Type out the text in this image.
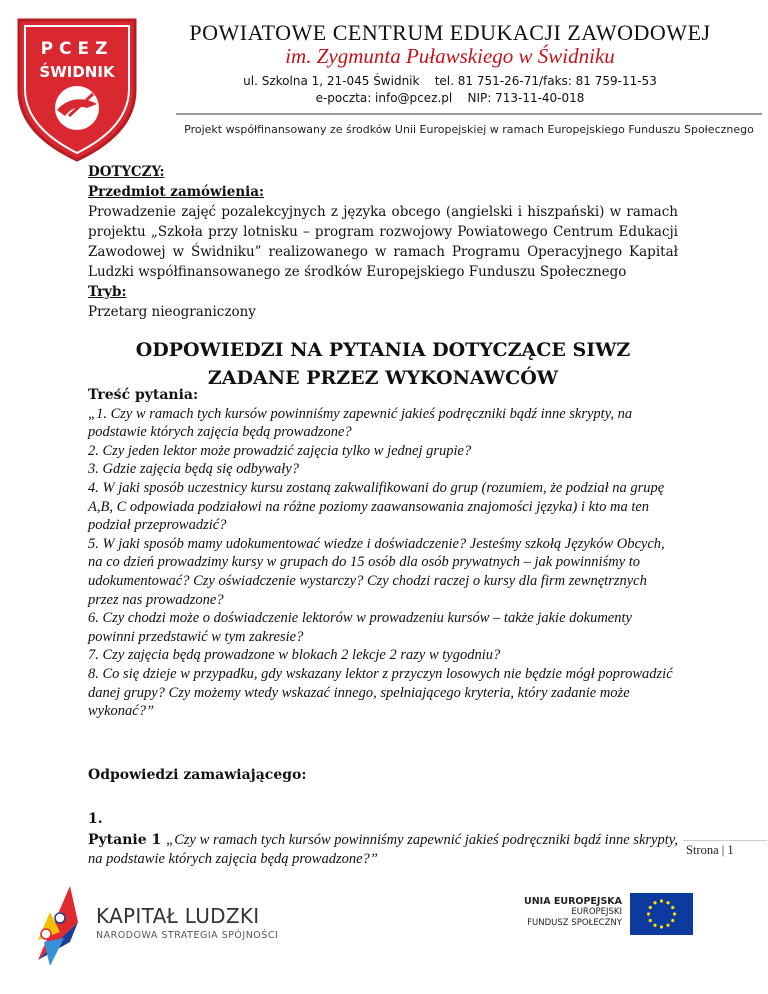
PCEZ
ŚWIDNIK
POWIATOWE CENTRUM EDUKACJI ZAWODOWEJ
im. Zygmunta Puławskiego w Świdniku
ul. Szkolna 1, 21-045 Świdnik    tel. 81 751-26-71/faks: 81 759-11-53
e-poczta: info@pcez.pl    NIP: 713-11-40-018
Projekt współfinansowany ze środków Unii Europejskiej w ramach Europejskiego Funduszu Społecznego
DOTYCZY:
Przedmiot zamówienia:
Prowadzenie zajęć pozalekcyjnych z języka obcego (angielski i hiszpański) w ramach projektu „Szkoła przy lotnisku – program rozwojowy Powiatowego Centrum Edukacji Zawodowej w Świdniku” realizowanego w ramach Programu Operacyjnego Kapitał Ludzki współfinansowanego ze środków Europejskiego Funduszu Społecznego
Tryb:
Przetarg nieograniczony
ODPOWIEDZI NA PYTANIA DOTYCZĄCE SIWZ
ZADANE PRZEZ WYKONAWCÓW
Treść pytania:
„1. Czy w ramach tych kursów powinniśmy zapewnić jakieś podręczniki bądź inne skrypty, na podstawie których zajęcia będą prowadzone?
2. Czy jeden lektor może prowadzić zajęcia tylko w jednej grupie?
3. Gdzie zajęcia będą się odbywały?
4. W jaki sposób uczestnicy kursu zostaną zakwalifikowani do grup (rozumiem, że podział na grupę A,B, C odpowiada podziałowi na różne poziomy zaawansowania znajomości języka) i kto ma ten podział przeprowadzić?
5. W jaki sposób mamy udokumentować wiedze i doświadczenie? Jesteśmy szkołą Języków Obcych, na co dzień prowadzimy kursy w grupach do 15 osób dla osób prywatnych – jak powinniśmy to udokumentować? Czy oświadczenie wystarczy? Czy chodzi raczej o kursy dla firm zewnętrznych przez nas prowadzone?
6. Czy chodzi może o doświadczenie lektorów w prowadzeniu kursów – także jakie dokumenty powinni przedstawić w tym zakresie?
7. Czy zajęcia będą prowadzone w blokach 2 lekcje 2 razy w tygodniu?
8. Co się dzieje w przypadku, gdy wskazany lektor z przyczyn losowych nie będzie mógł poprowadzić danej grupy? Czy możemy wtedy wskazać innego, spełniającego kryteria, który zadanie może wykonać?”
Odpowiedzi zamawiającego:
1.
Pytanie 1 „Czy w ramach tych kursów powinniśmy zapewnić jakieś podręczniki bądź inne skrypty, na podstawie których zajęcia będą prowadzone?”
Strona | 1
KAPITAŁ LUDZKI
NARODOWA STRATEGIA SPÓJNOŚCI
UNIA EUROPEJSKA
EUROPEJSKI
FUNDUSZ SPOŁECZNY
